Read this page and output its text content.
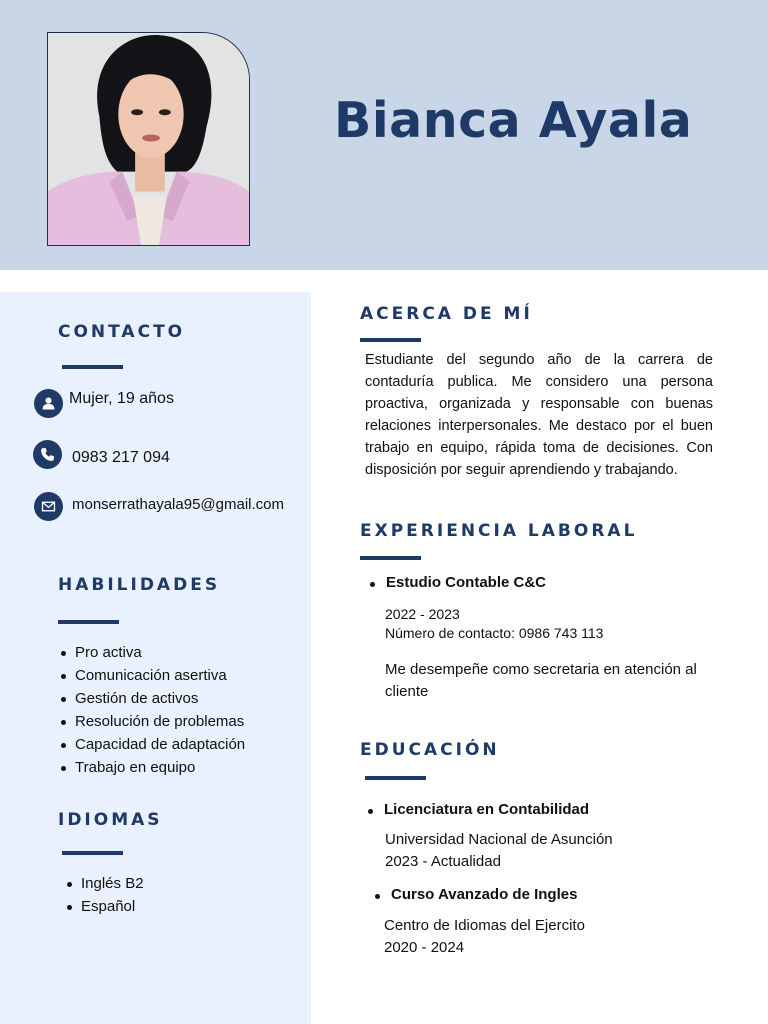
Bianca Ayala
CONTACTO
Mujer, 19 años
0983 217 094
monserrathayala95@gmail.com
HABILIDADES
Pro activa
Comunicación asertiva
Gestión de activos
Resolución de problemas
Capacidad de adaptación
Trabajo en equipo
IDIOMAS
Inglés B2
Español
ACERCA DE MÍ
Estudiante del segundo año de la carrera de contaduría publica. Me considero una persona proactiva, organizada y responsable con buenas relaciones interpersonales. Me destaco por el buen trabajo en equipo, rápida toma de decisiones. Con disposición por seguir aprendiendo y trabajando.
EXPERIENCIA LABORAL
Estudio Contable C&C
2022 - 2023
Número de contacto: 0986 743 113
Me desempeñe como secretaria en atención al cliente
EDUCACIÓN
Licenciatura en Contabilidad
Universidad Nacional de Asunción
2023 - Actualidad
Curso Avanzado de Ingles
Centro de Idiomas del Ejercito
2020 - 2024
